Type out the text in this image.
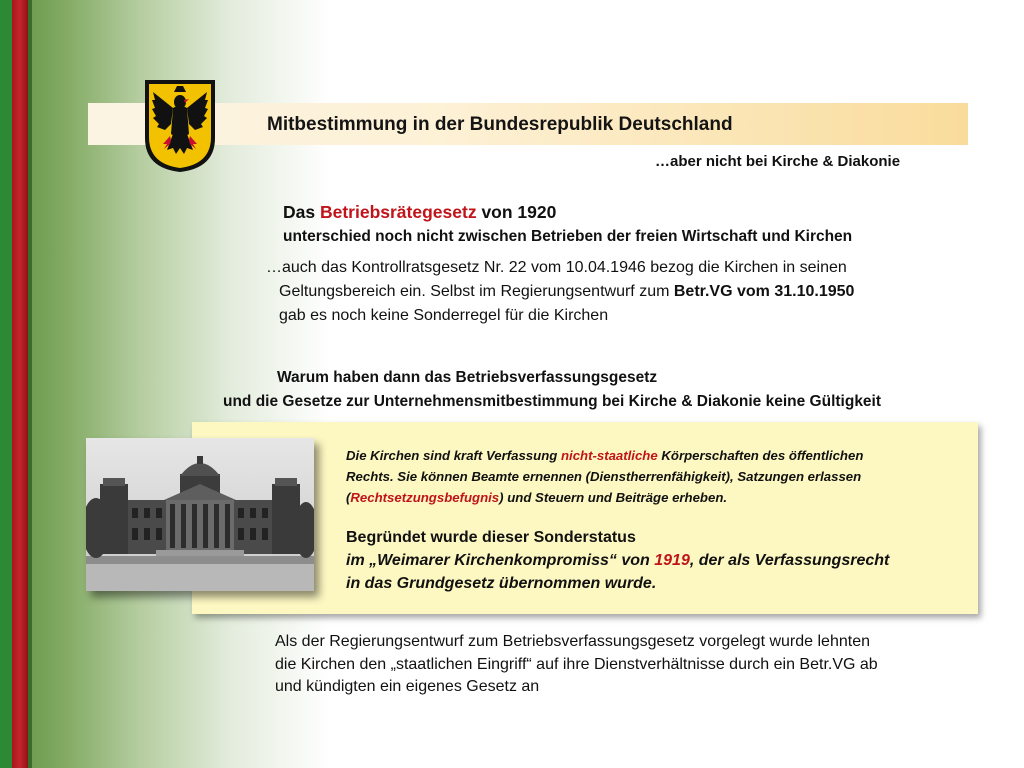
Mitbestimmung in der Bundesrepublik Deutschland
…aber nicht bei Kirche & Diakonie
Das Betriebsrätegesetz von 1920
unterschied noch nicht zwischen Betrieben der freien Wirtschaft und Kirchen
…auch das Kontrollratsgesetz Nr. 22 vom 10.04.1946 bezog die Kirchen in seinen
Geltungsbereich ein. Selbst im Regierungsentwurf zum Betr.VG vom 31.10.1950
gab es noch keine Sonderregel für die Kirchen
Warum haben dann das Betriebsverfassungsgesetz
und die Gesetze zur Unternehmensmitbestimmung bei Kirche & Diakonie keine Gültigkeit
Die Kirchen sind kraft Verfassung nicht-staatliche Körperschaften des öffentlichen
Rechts. Sie können Beamte ernennen (Dienstherrenfähigkeit), Satzungen erlassen
(Rechtsetzungsbefugnis) und Steuern und Beiträge erheben.
Begründet wurde dieser Sonderstatus
im „Weimarer Kirchenkompromiss“ von 1919, der als Verfassungsrecht
in das Grundgesetz übernommen wurde.
Als der Regierungsentwurf zum Betriebsverfassungsgesetz vorgelegt wurde lehnten
die Kirchen den „staatlichen Eingriff“ auf ihre Dienstverhältnisse durch ein Betr.VG ab
und kündigten ein eigenes Gesetz an
